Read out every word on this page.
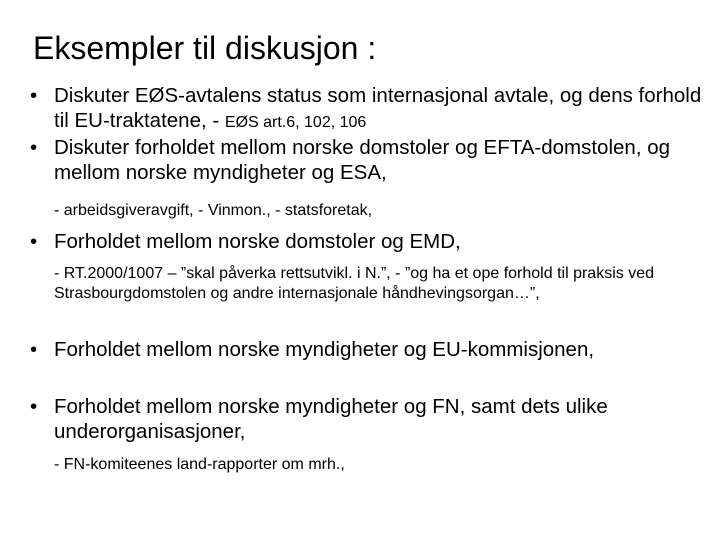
Eksempler til diskusjon :
• Diskuter EØS-avtalens status som internasjonal avtale, og dens forhold til EU-traktatene, - EØS art.6, 102, 106
• Diskuter forholdet mellom norske domstoler og EFTA-domstolen, og mellom norske myndigheter og ESA,
- arbeidsgiveravgift, - Vinmon., - statsforetak,
• Forholdet mellom norske domstoler og EMD,
- RT.2000/1007 – ”skal påverka rettsutvikl. i N.”, - ”og ha et ope forhold til praksis ved Strasbourgdomstolen og andre internasjonale håndhevingsorgan…”,
• Forholdet mellom norske myndigheter og EU-kommisjonen,
• Forholdet mellom norske myndigheter og FN, samt dets ulike underorganisasjoner,
- FN-komiteenes land-rapporter om mrh.,
